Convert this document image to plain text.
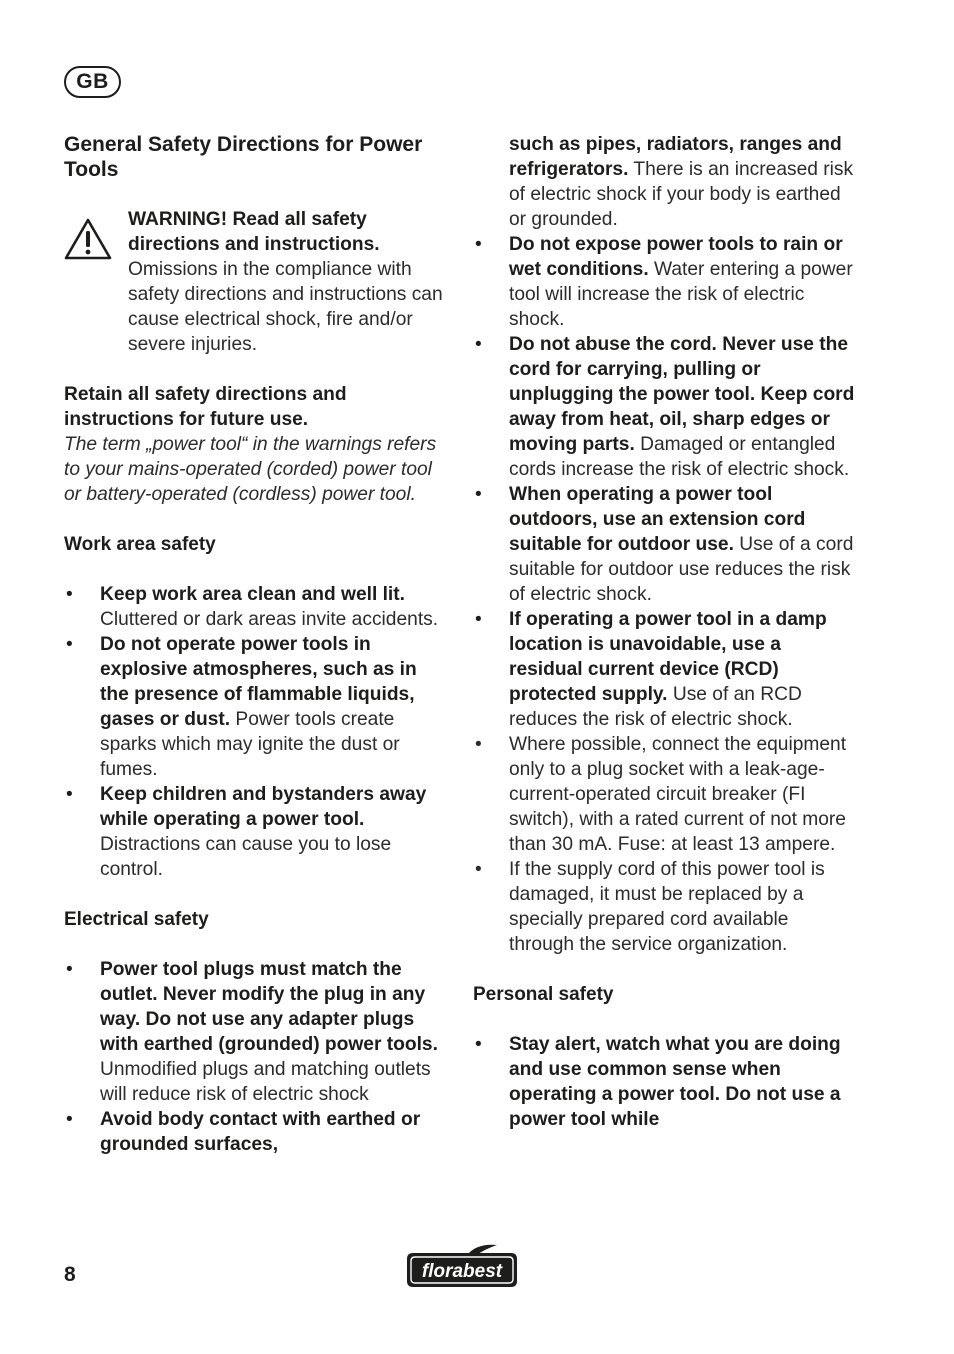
GB
General Safety Directions for Power Tools
WARNING! Read all safety directions and instructions. Omissions in the compliance with safety directions and instructions can cause electrical shock, fire and/or severe injuries.

Retain all safety directions and instructions for future use.

The term „power tool“ in the warnings refers to your mains-operated (corded) power tool or battery-operated (cordless) power tool.

Work area safety
•	Keep work area clean and well lit. Cluttered or dark areas invite accidents.
•	Do not operate power tools in explosive atmospheres, such as in the presence of flammable liquids, gases or dust. Power tools create sparks which may ignite the dust or fumes.
•	Keep children and bystanders away while operating a power tool. Distractions can cause you to lose control.
Electrical safety
•	Power tool plugs must match the outlet. Never modify the plug in any way. Do not use any adapter plugs with earthed (grounded) power tools. Unmodified plugs and matching outlets will reduce risk of electric shock
•	Avoid body contact with earthed or grounded surfaces,

such as pipes, radiators, ranges and refrigerators. There is an increased risk of electric shock if your body is earthed or grounded.

•	Do not expose power tools to rain or wet conditions. Water entering a power tool will increase the risk of electric shock.
•	Do not abuse the cord. Never use the cord for carrying, pulling or unplugging the power tool. Keep cord away from heat, oil, sharp edges or moving parts. Damaged or entangled cords increase the risk of electric shock.
•	When operating a power tool outdoors, use an extension cord suitable for outdoor use. Use of a cord suitable for outdoor use reduces the risk of electric shock.
•	If operating a power tool in a damp location is unavoidable, use a residual current device (RCD) protected supply. Use of an RCD reduces the risk of electric shock.
•	Where possible, connect the equipment only to a plug socket with a leak-age-current-operated circuit breaker (FI switch), with a rated current of not more than 30 mA. Fuse: at least 13 ampere.
•	If the supply cord of this power tool is damaged, it must be replaced by a specially prepared cord available through the service organization.
Personal safety
•	Stay alert, watch what you are doing and use common sense when operating a power tool. Do not use a power tool while
8	florabest
